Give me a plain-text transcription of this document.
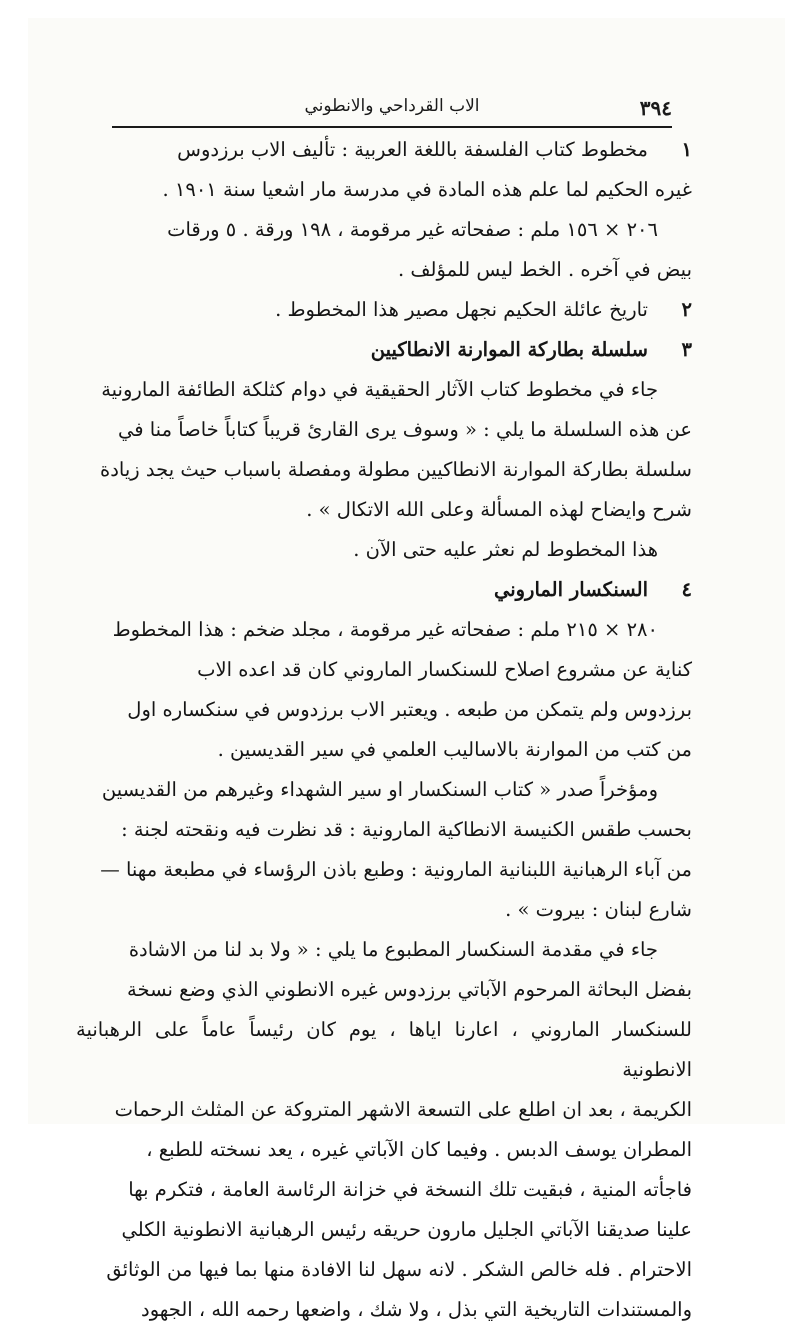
٣٩٤
الاب القرداحي والانطوني
١
مخطوط كتاب الفلسفة باللغة العربية : تأليف الاب برزدوس

غيره الحكيم لما علم هذه المادة في مدرسة مار اشعيا سنة ١٩٠١ .

٢٠٦ × ١٥٦ ملم : صفحاته غير مرقومة ، ١٩٨ ورقة . ٥ ورقات

بيض في آخره . الخط ليس للمؤلف .

٢
تاريخ عائلة الحكيم نجهل مصير هذا المخطوط .
٣
سلسلة بطاركة الموارنة الانطاكيين

جاء في مخطوط كتاب الآثار الحقيقية في دوام كثلكة الطائفة المارونية

عن هذه السلسلة ما يلي : « وسوف يرى القارئ قريباً كتاباً خاصاً منا في

سلسلة بطاركة الموارنة الانطاكيين مطولة ومفصلة باسباب حيث يجد زيادة

شرح وايضاح لهذه المسألة وعلى الله الاتكال » .

هذا المخطوط لم نعثر عليه حتى الآن .

٤
السنكسار الماروني

٢٨٠ × ٢١٥ ملم : صفحاته غير مرقومة ، مجلد ضخم : هذا المخطوط

كناية عن مشروع اصلاح للسنكسار الماروني كان قد اعده الاب

برزدوس ولم يتمكن من طبعه . ويعتبر الاب برزدوس في سنكساره اول

من كتب من الموارنة بالاساليب العلمي في سير القديسين .

ومؤخراً صدر « كتاب السنكسار او سير الشهداء وغيرهم من القديسين

بحسب طقس الكنيسة الانطاكية المارونية : قد نظرت فيه ونقحته لجنة :

من آباء الرهبانية اللبنانية المارونية : وطبع باذن الرؤساء في مطبعة مهنا —

شارع لبنان : بيروت » .

جاء في مقدمة السنكسار المطبوع ما يلي : « ولا بد لنا من الاشادة

بفضل البحاثة المرحوم الآباتي برزدوس غيره الانطوني الذي وضع نسخة

للسنكسار الماروني ، اعارنا اياها ، يوم كان رئيساً عاماً على الرهبانية الانطونية

الكريمة ، بعد ان اطلع على التسعة الاشهر المتروكة عن المثلث الرحمات

المطران يوسف الدبس . وفيما كان الآباتي غيره ، يعد نسخته للطبع ،

فاجأته المنية ، فبقيت تلك النسخة في خزانة الرئاسة العامة ، فتكرم بها

علينا صديقنا الآباتي الجليل مارون حريقه رئيس الرهبانية الانطونية الكلي

الاحترام . فله خالص الشكر . لانه سهل لنا الافادة منها بما فيها من الوثائق

والمستندات التاريخية التي بذل ، ولا شك ، واضعها رحمه الله ، الجهود
